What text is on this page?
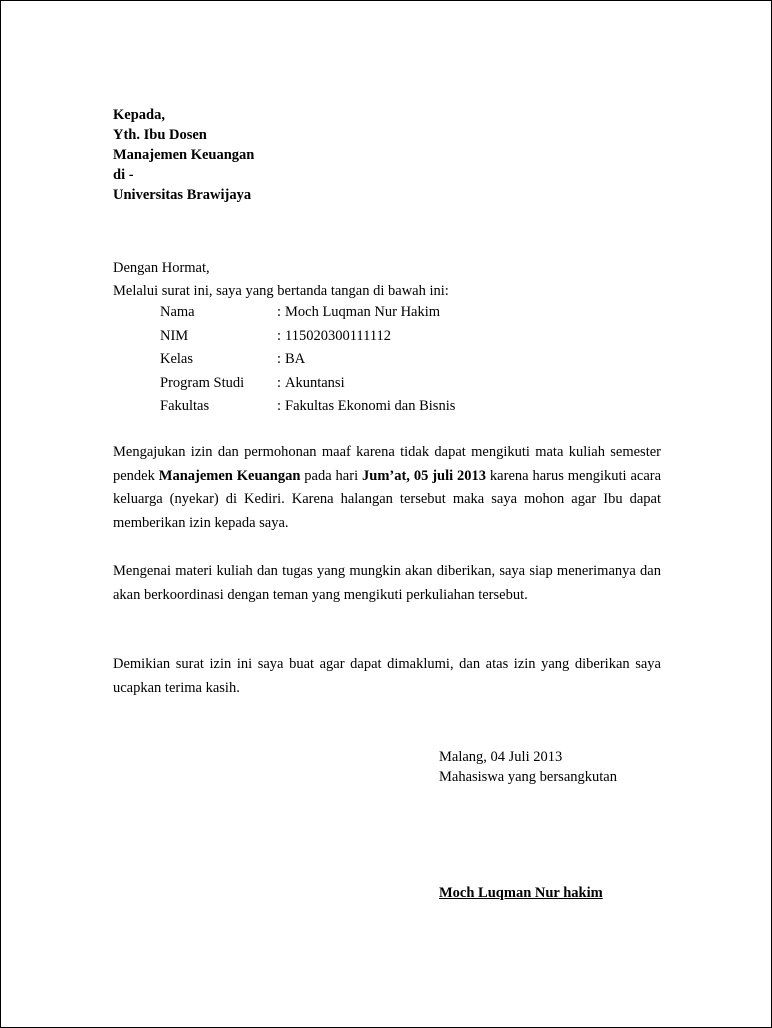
Kepada,
Yth. Ibu Dosen
Manajemen Keuangan
di -
Universitas Brawijaya
Dengan Hormat,
Melalui surat ini, saya yang bertanda tangan di bawah ini:
Nama	: Moch Luqman Nur Hakim
NIM	: 115020300111112
Kelas	: BA
Program Studi	: Akuntansi
Fakultas	: Fakultas Ekonomi dan Bisnis
Mengajukan izin dan permohonan maaf karena tidak dapat mengikuti mata kuliah semester pendek Manajemen Keuangan pada hari Jum’at, 05 juli 2013 karena harus mengikuti acara keluarga (nyekar) di Kediri. Karena halangan tersebut maka saya mohon agar Ibu dapat memberikan izin kepada saya.
Mengenai materi kuliah dan tugas yang mungkin akan diberikan, saya siap menerimanya dan akan berkoordinasi dengan teman yang mengikuti perkuliahan tersebut.
Demikian surat izin ini saya buat agar dapat dimaklumi, dan atas izin yang diberikan saya ucapkan terima kasih.
Malang, 04 Juli 2013
Mahasiswa yang bersangkutan
Moch Luqman Nur hakim
